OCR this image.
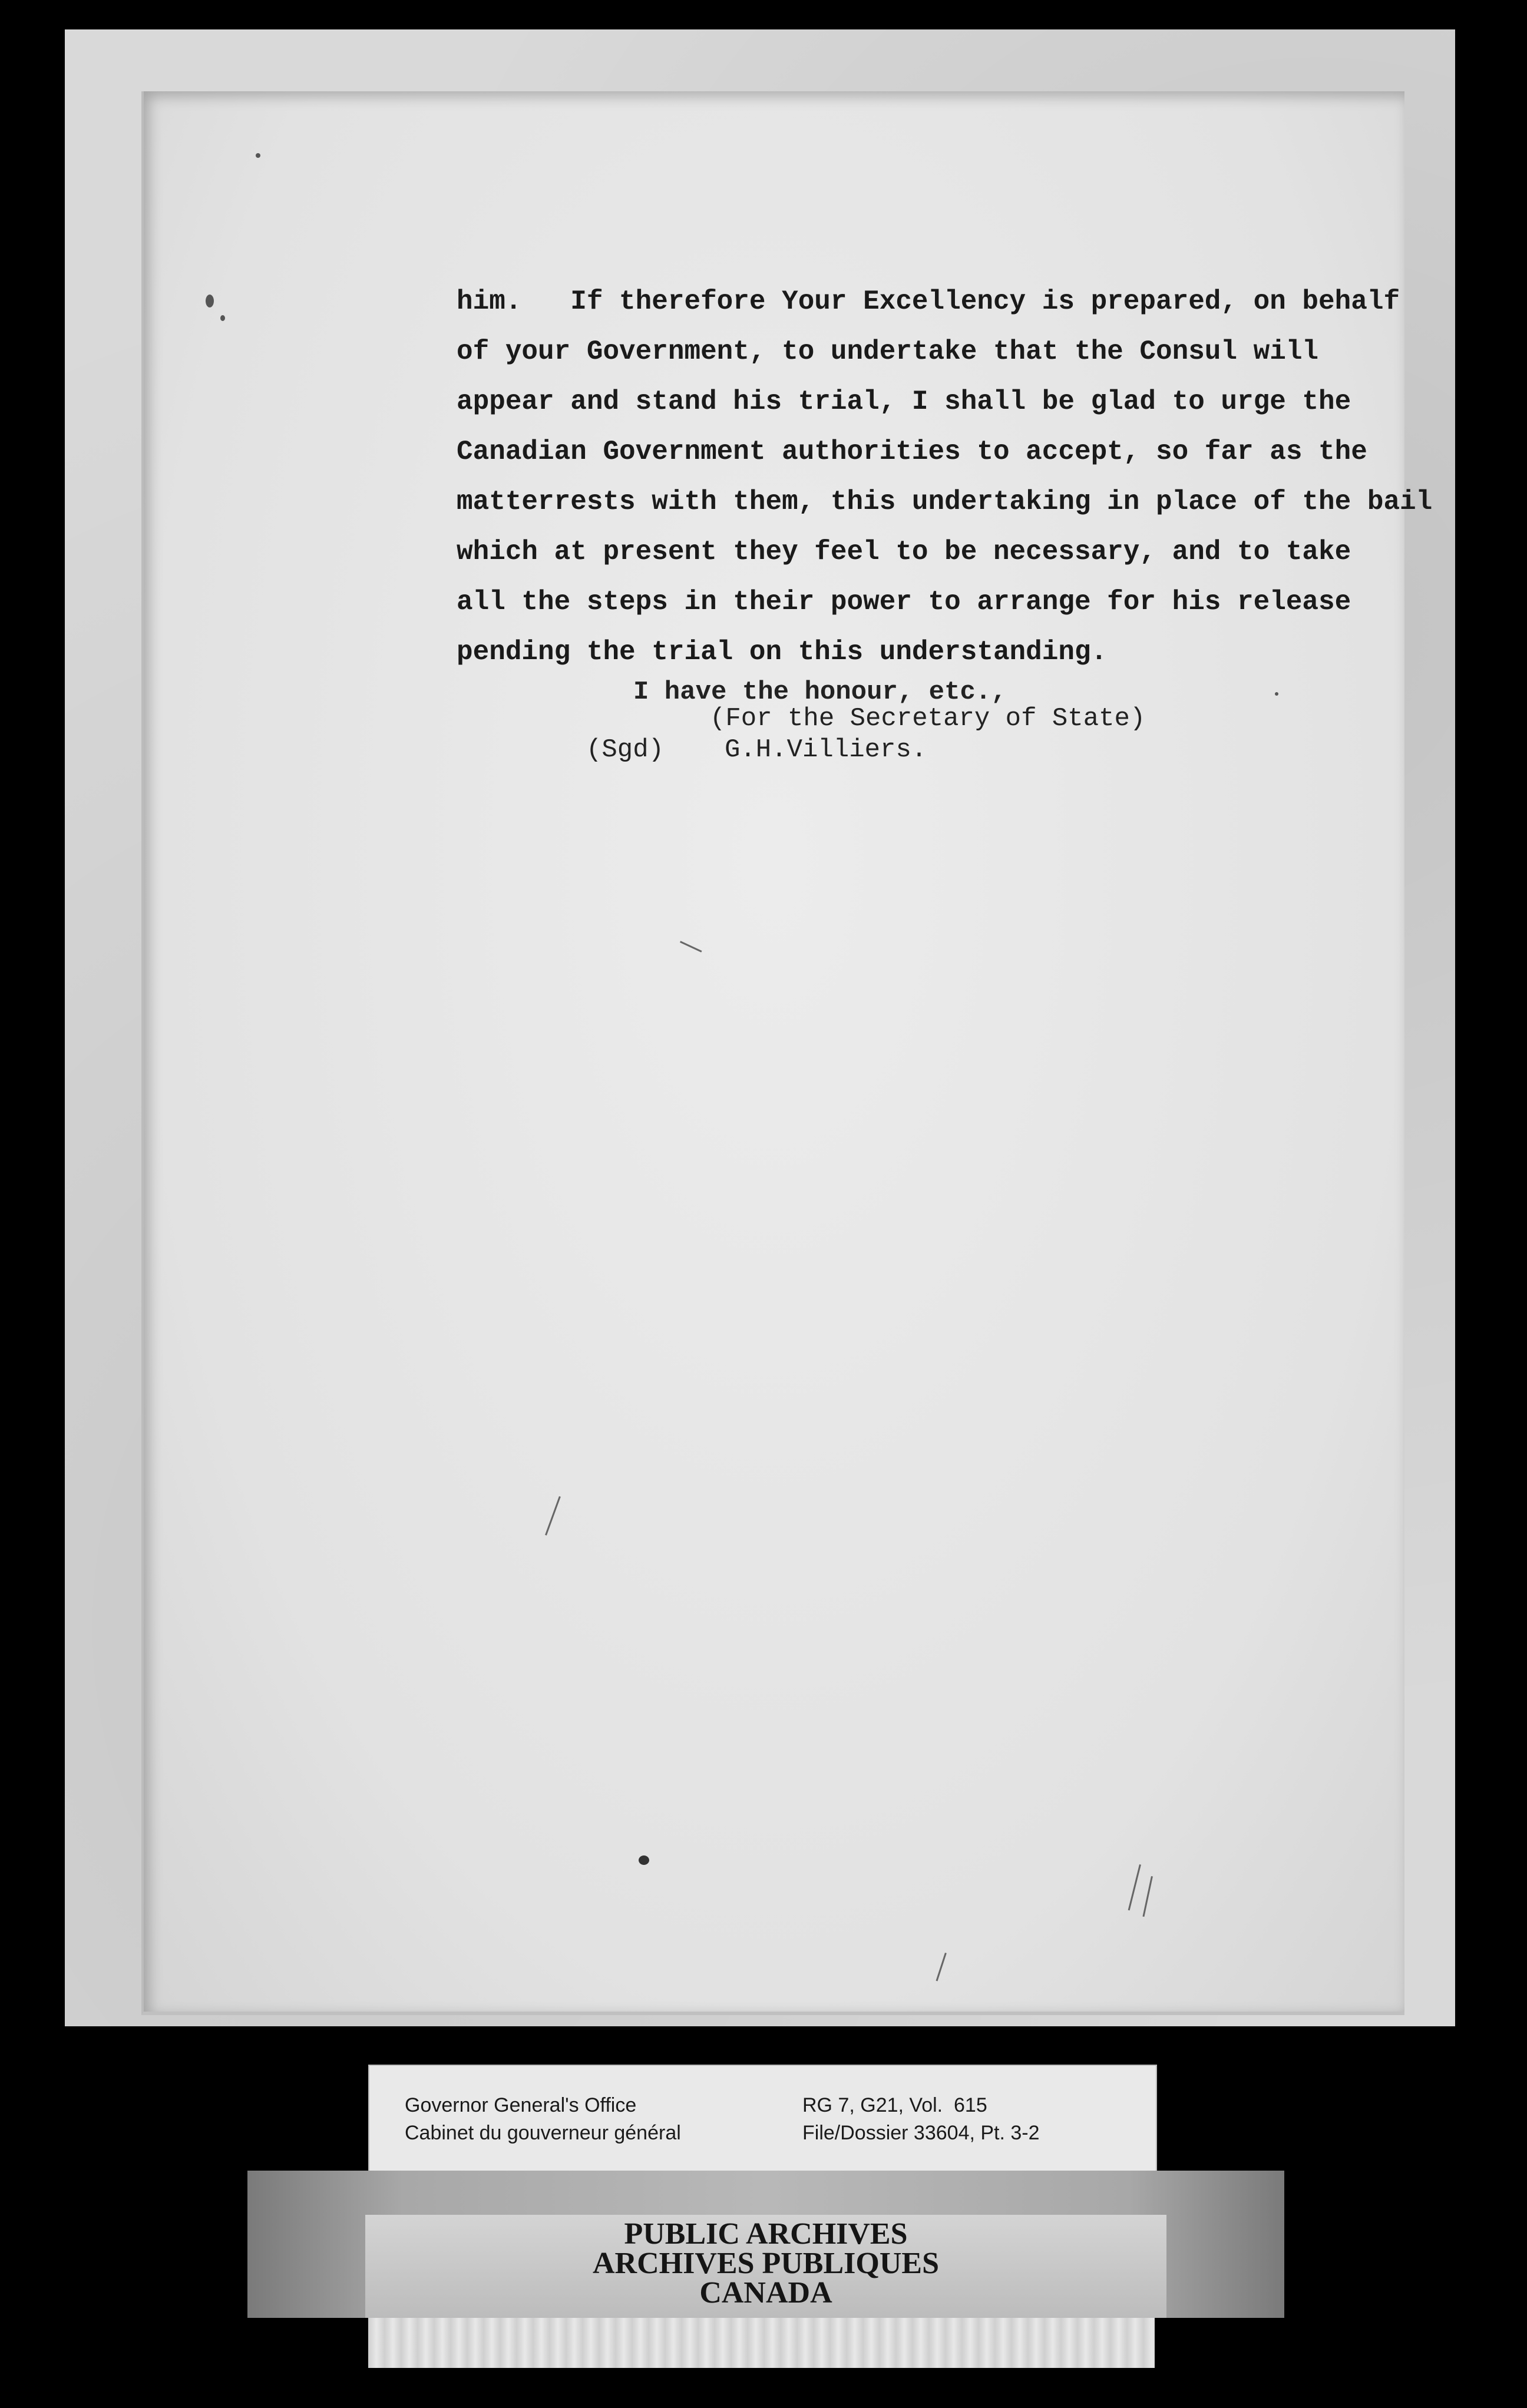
him.   If therefore Your Excellency is prepared, on behalf
of your Government, to undertake that the Consul will
appear and stand his trial, I shall be glad to urge the
Canadian Government authorities to accept, so far as the
matterrests with them, this undertaking in place of the bail
which at present they feel to be necessary, and to take
all the steps in their power to arrange for his release
pending the trial on this understanding.
I have the honour, etc.,
(For the Secretary of State)
(Sgd) G.H.Villiers.
Governor General's Office
Cabinet du gouverneur général
RG 7, G21, Vol.  615
File/Dossier 33604, Pt. 3-2
PUBLIC ARCHIVES
ARCHIVES PUBLIQUES
CANADA
